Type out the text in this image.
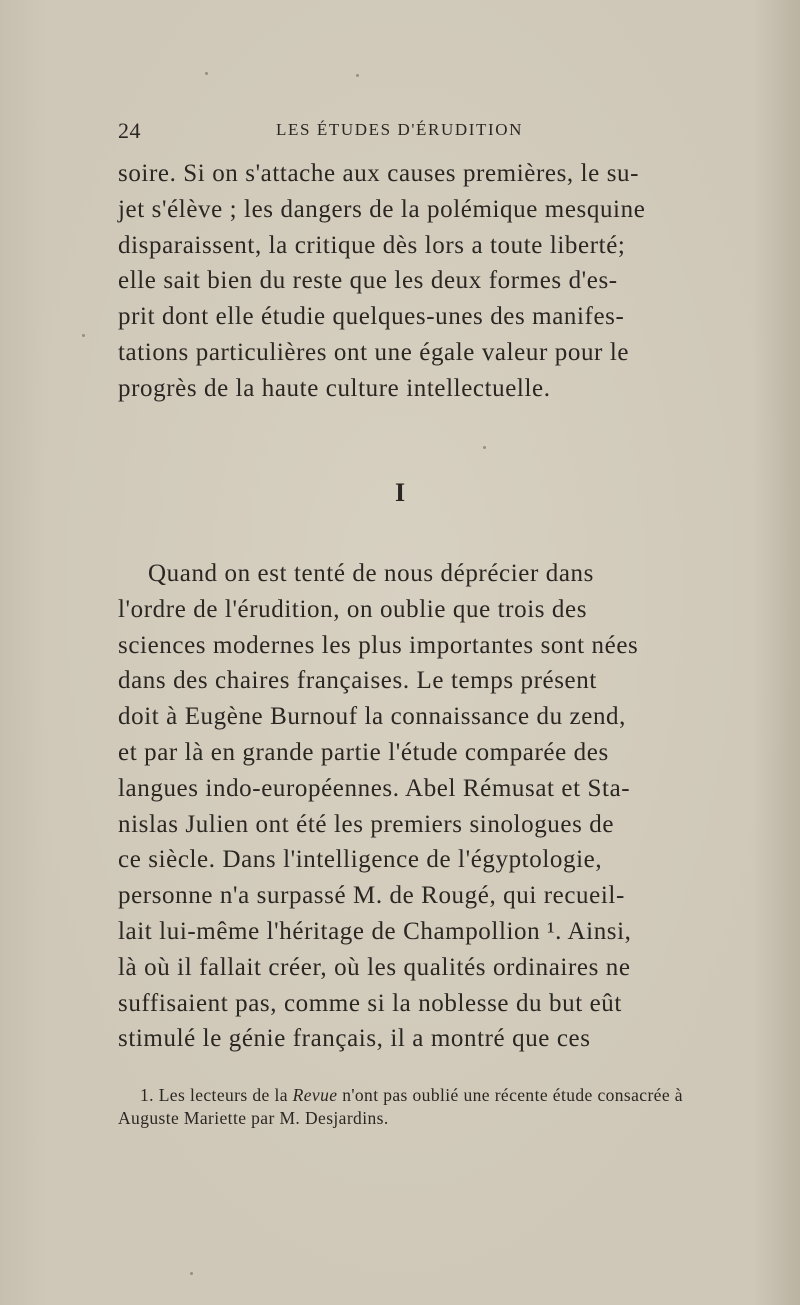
24	LES ÉTUDES D'ÉRUDITION
soire. Si on s'attache aux causes premières, le su-
jet s'élève ; les dangers de la polémique mesquine
disparaissent, la critique dès lors a toute liberté;
elle sait bien du reste que les deux formes d'es-
prit dont elle étudie quelques-unes des manifes-
tations particulières ont une égale valeur pour le
progrès de la haute culture intellectuelle.
I
Quand on est tenté de nous déprécier dans
l'ordre de l'érudition, on oublie que trois des
sciences modernes les plus importantes sont nées
dans des chaires françaises. Le temps présent
doit à Eugène Burnouf la connaissance du zend,
et par là en grande partie l'étude comparée des
langues indo-européennes. Abel Rémusat et Sta-
nislas Julien ont été les premiers sinologues de
ce siècle. Dans l'intelligence de l'égyptologie,
personne n'a surpassé M. de Rougé, qui recueil-
lait lui-même l'héritage de Champollion ¹. Ainsi,
là où il fallait créer, où les qualités ordinaires ne
suffisaient pas, comme si la noblesse du but eût
stimulé le génie français, il a montré que ces
1. Les lecteurs de la Revue n'ont pas oublié une récente étude consacrée à Auguste Mariette par M. Desjardins.
